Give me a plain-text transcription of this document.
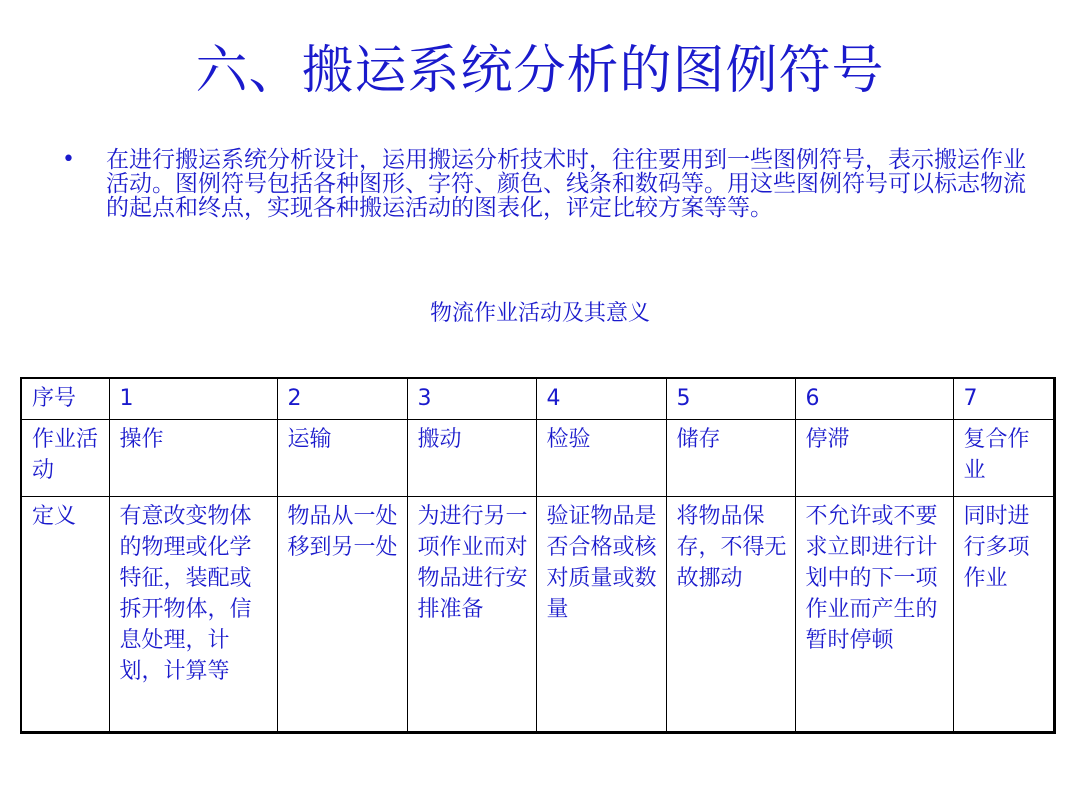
六、搬运系统分析的图例符号
• 在进行搬运系统分析设计，运用搬运分析技术时，往往要用到一些图例符号，表示搬运作业活动。图例符号包括各种图形、字符、颜色、线条和数码等。用这些图例符号可以标志物流的起点和终点，实现各种搬运活动的图表化，评定比较方案等等。
物流作业活动及其意义
序号	1	2	3	4	5	6	7
作业活动	操作	运输	搬动	检验	储存	停滞	复合作业
定义	有意改变物体的物理或化学特征，装配或拆开物体，信息处理，计划，计算等	物品从一处移到另一处	为进行另一项作业而对物品进行安排准备	验证物品是否合格或核对质量或数量	将物品保存，不得无故挪动	不允许或不要求立即进行计划中的下一项作业而产生的暂时停顿	同时进行多项作业
